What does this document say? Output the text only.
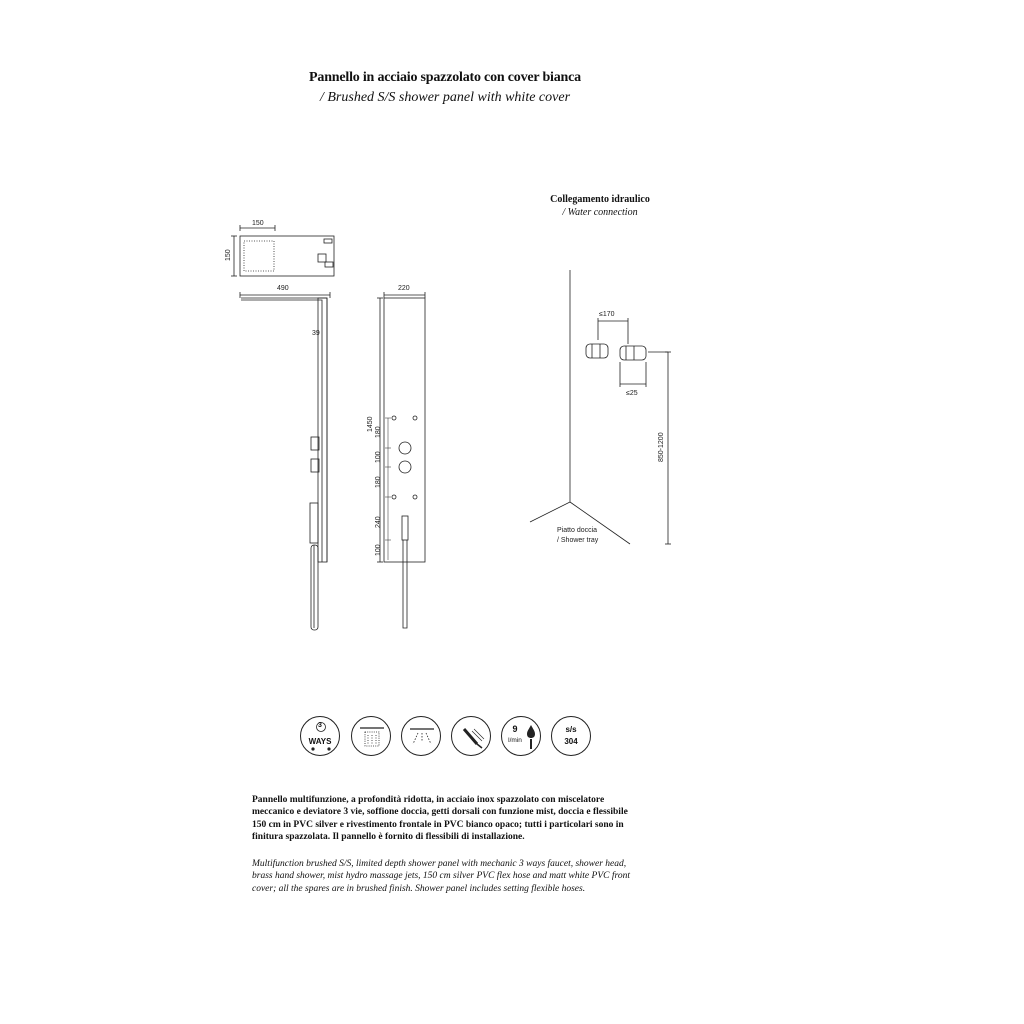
Pannello in acciaio spazzolato con cover bianca
/ Brushed S/S shower panel with white cover
Collegamento idraulico
/ Water connection
150
150
490
39
220
1450
180
100
180
240
100
≤170
≤25
850-1200
Piatto doccia
/ Shower tray
3
WAYS
9
l/min
s/s
304
Pannello multifunzione, a profondità ridotta, in acciaio inox spazzolato con miscelatore meccanico e deviatore 3 vie, soffione doccia, getti dorsali con funzione mist, doccia e flessibile 150 cm in PVC silver e rivestimento frontale in PVC bianco opaco; tutti i particolari sono in finitura spazzolata. Il pannello è fornito di flessibili di installazione.
Multifunction brushed S/S, limited depth shower panel with mechanic 3 ways faucet, shower head, brass hand shower, mist hydro massage jets, 150 cm silver PVC flex hose and matt white PVC front cover; all the spares are in brushed finish. Shower panel includes setting flexible hoses.
